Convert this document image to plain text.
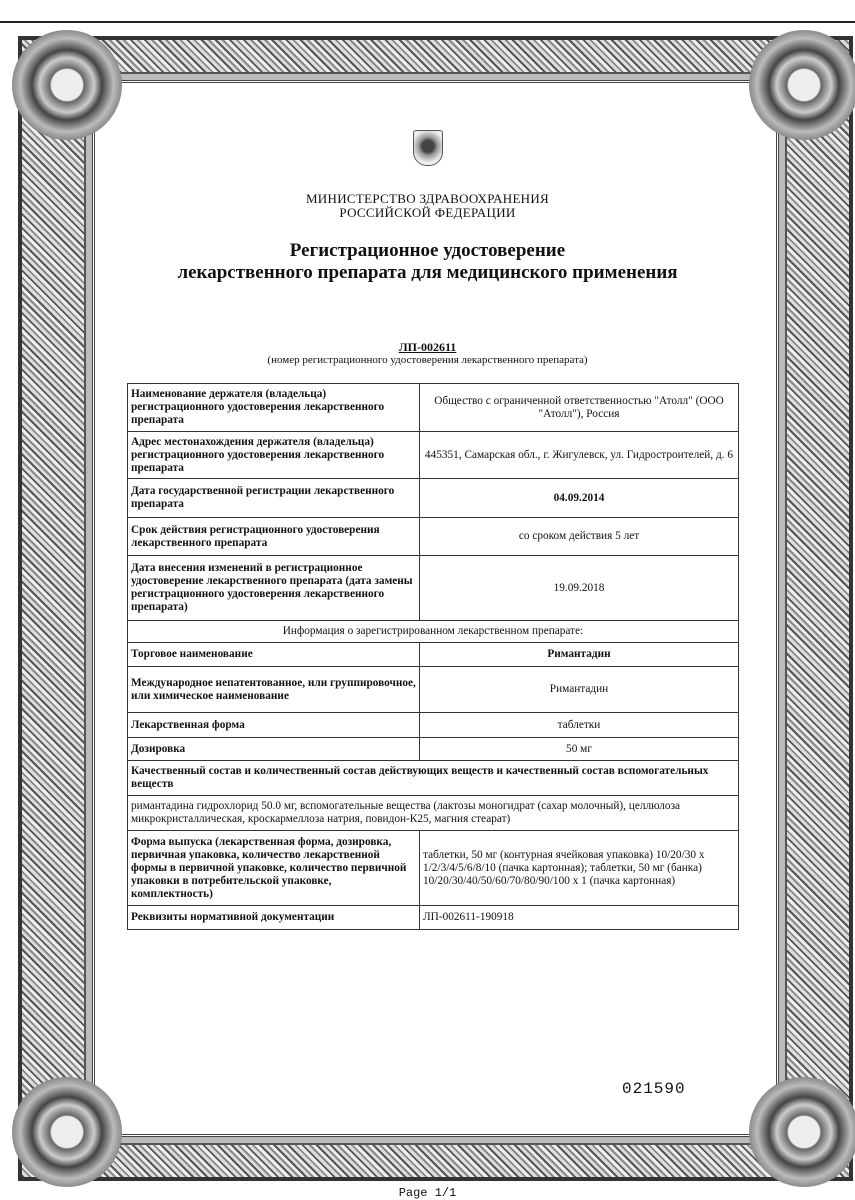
МИНИСТЕРСТВО ЗДРАВООХРАНЕНИЯ
РОССИЙСКОЙ ФЕДЕРАЦИИ
Регистрационное удостоверение
лекарственного препарата для медицинского применения
ЛП-002611
(номер регистрационного удостоверения лекарственного препарата)
Наименование держателя (владельца) регистрационного удостоверения лекарственного препарата	Общество с ограниченной ответственностью "Атолл" (ООО "Атолл"), Россия
Адрес местонахождения держателя (владельца) регистрационного удостоверения лекарственного препарата	445351, Самарская обл., г. Жигулевск, ул. Гидростроителей, д. 6
Дата государственной регистрации лекарственного препарата	04.09.2014
Срок действия регистрационного удостоверения лекарственного препарата	со сроком действия 5 лет
Дата внесения изменений в регистрационное удостоверение лекарственного препарата (дата замены регистрационного удостоверения лекарственного препарата)	19.09.2018
Информация о зарегистрированном лекарственном препарате:	
Торговое наименование	Римантадин
Международное непатентованное, или группировочное, или химическое наименование	Римантадин
Лекарственная форма	таблетки
Дозировка	50 мг
Качественный состав и количественный состав действующих веществ и качественный состав вспомогательных веществ	
римантадина гидрохлорид 50.0 мг, вспомогательные вещества (лактозы моногидрат (сахар молочный), целлюлоза микрокристаллическая, кроскармеллоза натрия, повидон-К25, магния стеарат)	
Форма выпуска (лекарственная форма, дозировка, первичная упаковка, количество лекарственной формы в первичной упаковке, количество первичной упаковки в потребительской упаковке, комплектность)	таблетки, 50 мг (контурная ячейковая упаковка) 10/20/30 x 1/2/3/4/5/6/8/10 (пачка картонная); таблетки, 50 мг (банка) 10/20/30/40/50/60/70/80/90/100 x 1 (пачка картонная)
Реквизиты нормативной документации	ЛП-002611-190918
021590
Page 1/1
